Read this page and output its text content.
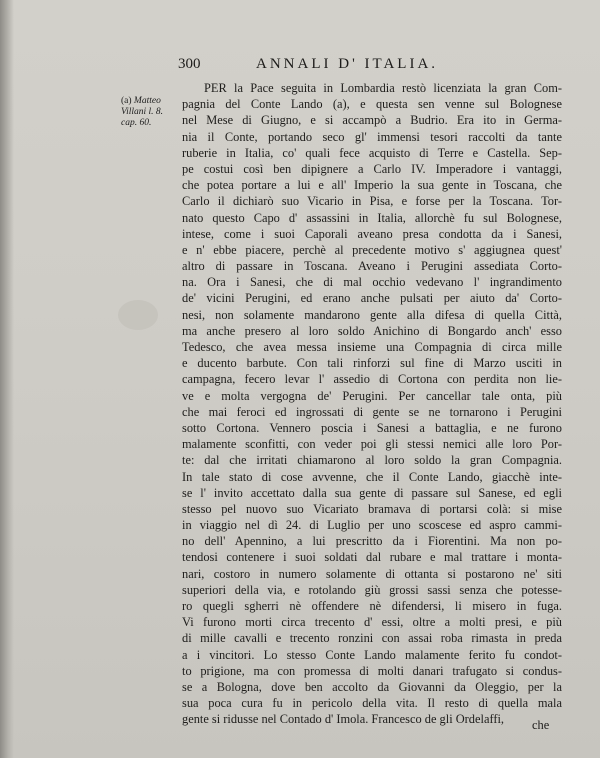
300	ANNALI D' ITALIA.
(a) Matteo
Villani l. 8.
cap. 60.
PER la Pace seguita in Lombardia restò licenziata la gran Com-
pagnia del Conte Lando (a), e questa sen venne sul Bolognese
nel Mese di Giugno, e si accampò a Budrio. Era ito in Germa-
nia il Conte, portando seco gl' immensi tesori raccolti da tante
ruberie in Italia, co' quali fece acquisto di Terre e Castella. Sep-
pe costui così ben dipignere a Carlo IV. Imperadore i vantaggi,
che potea portare a lui e all' Imperio la sua gente in Toscana, che
Carlo il dichiarò suo Vicario in Pisa, e forse per la Toscana. Tor-
nato questo Capo d' assassini in Italia, allorchè fu sul Bolognese,
intese, come i suoi Caporali aveano presa condotta da i Sanesi,
e n' ebbe piacere, perchè al precedente motivo s' aggiugnea quest'
altro di passare in Toscana. Aveano i Perugini assediata Corto-
na. Ora i Sanesi, che di mal occhio vedevano l' ingrandimento
de' vicini Perugini, ed erano anche pulsati per aiuto da' Corto-
nesi, non solamente mandarono gente alla difesa di quella Città,
ma anche presero al loro soldo Anichino di Bongardo anch' esso
Tedesco, che avea messa insieme una Compagnia di circa mille
e ducento barbute. Con tali rinforzi sul fine di Marzo usciti in
campagna, fecero levar l' assedio di Cortona con perdita non lie-
ve e molta vergogna de' Perugini. Per cancellar tale onta, più
che mai feroci ed ingrossati di gente se ne tornarono i Perugini
sotto Cortona. Vennero poscia i Sanesi a battaglia, e ne furono
malamente sconfitti, con veder poi gli stessi nemici alle loro Por-
te: dal che irritati chiamarono al loro soldo la gran Compagnia.
In tale stato di cose avvenne, che il Conte Lando, giacchè inte-
se l' invito accettato dalla sua gente di passare sul Sanese, ed egli
stesso pel nuovo suo Vicariato bramava di portarsi colà: si mise
in viaggio nel dì 24. di Luglio per uno scoscese ed aspro cammi-
no dell' Apennino, a lui prescritto da i Fiorentini. Ma non po-
tendosi contenere i suoi soldati dal rubare e mal trattare i monta-
nari, costoro in numero solamente di ottanta si postarono ne' siti
superiori della via, e rotolando giù grossi sassi senza che potesse-
ro quegli sgherri nè offendere nè difendersi, li misero in fuga.
Vi furono morti circa trecento d' essi, oltre a molti presi, e più
di mille cavalli e trecento ronzini con assai roba rimasta in preda
a i vincitori. Lo stesso Conte Lando malamente ferito fu condot-
to prigione, ma con promessa di molti danari trafugato si condus-
se a Bologna, dove ben accolto da Giovanni da Oleggio, per la
sua poca cura fu in pericolo della vita. Il resto di quella mala
gente si ridusse nel Contado d' Imola. Francesco de gli Ordelaffi,	che
